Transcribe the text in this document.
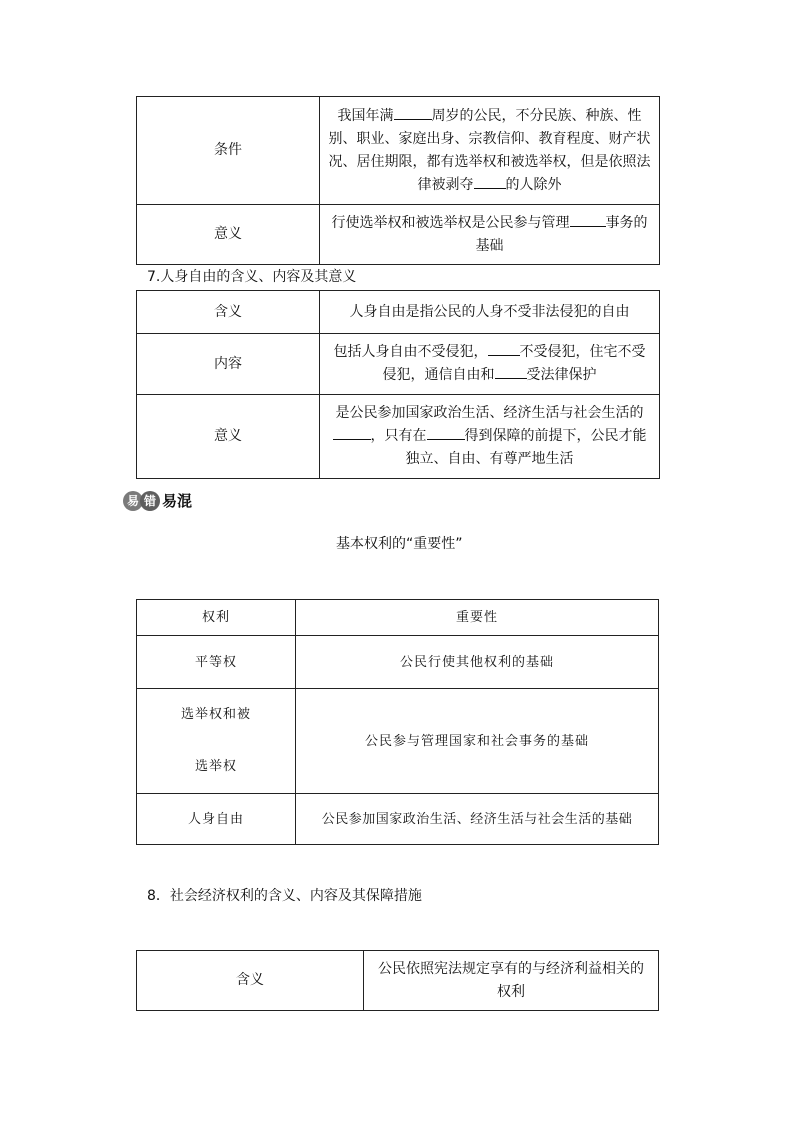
条件	我国年满 周岁的公民，不分民族、种族、性别、职业、家庭出身、宗教信仰、教育程度、财产状况、居住期限，都有选举权和被选举权，但是依照法律被剥夺 的人除外
意义	行使选举权和被选举权是公民参与管理 事务的基础
7.人身自由的含义、内容及其意义
含义	人身自由是指公民的人身不受非法侵犯的自由
内容	包括人身自由不受侵犯， 不受侵犯，住宅不受侵犯，通信自由和 受法律保护
意义	是公民参加国家政治生活、经济生活与社会生活的，只有在 得到保障的前提下，公民才能独立、自由、有尊严地生活
易 错 易混
基本权利的“重要性”
权利	重要性
平等权	公民行使其他权利的基础

选举权和被
选举权	公民参与管理国家和社会事务的基础
人身自由	公民参加国家政治生活、经济生活与社会生活的基础
8．社会经济权利的含义、内容及其保障措施
含义	公民依照宪法规定享有的与经济利益相关的权利
